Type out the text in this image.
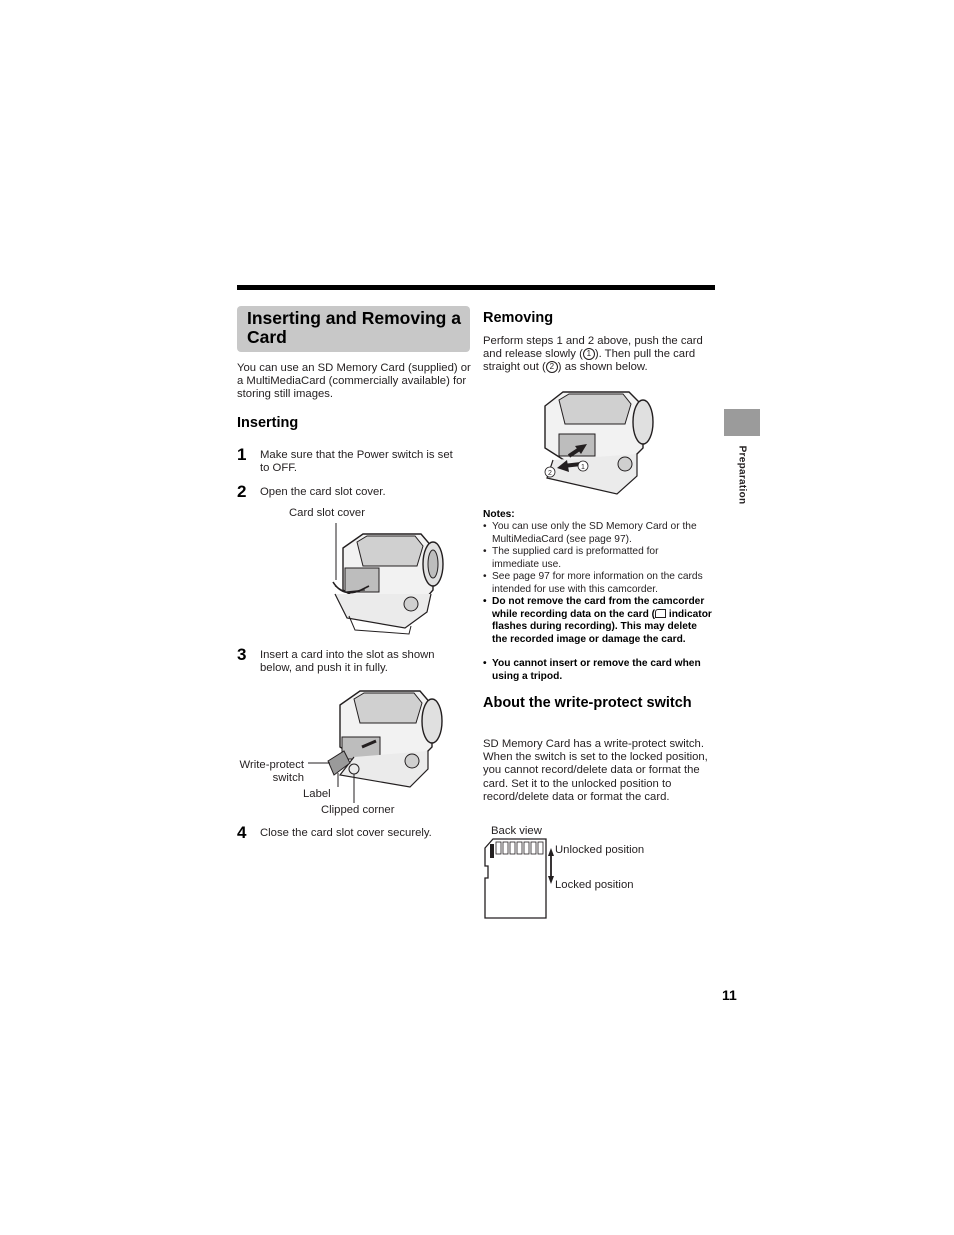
Inserting and Removing a Card
You can use an SD Memory Card (supplied) or a MultiMediaCard (commercially available) for storing still images.
Inserting
1 Make sure that the Power switch is set to OFF.
2 Open the card slot cover.
Card slot cover
3 Insert a card into the slot as shown below, and push it in fully.
Write-protect switch
Label
Clipped corner
4 Close the card slot cover securely.
Removing
Perform steps 1 and 2 above, push the card and release slowly ( 1 ). Then pull the card straight out ( 2 ) as shown below.
1
2
Notes:
• You can use only the SD Memory Card or the MultiMediaCard (see page 97).
• The supplied card is preformatted for immediate use.
• See page 97 for more information on the cards intended for use with this camcorder.
• Do not remove the card from the camcorder while recording data on the card ( indicator flashes during recording). This may delete the recorded image or damage the card.
• You cannot insert or remove the card when using a tripod.
About the write-protect switch
SD Memory Card has a write-protect switch. When the switch is set to the locked position, you cannot record/delete data or format the card. Set it to the unlocked position to record/delete data or format the card.
Back view
Unlocked position
Locked position
Preparation
11
